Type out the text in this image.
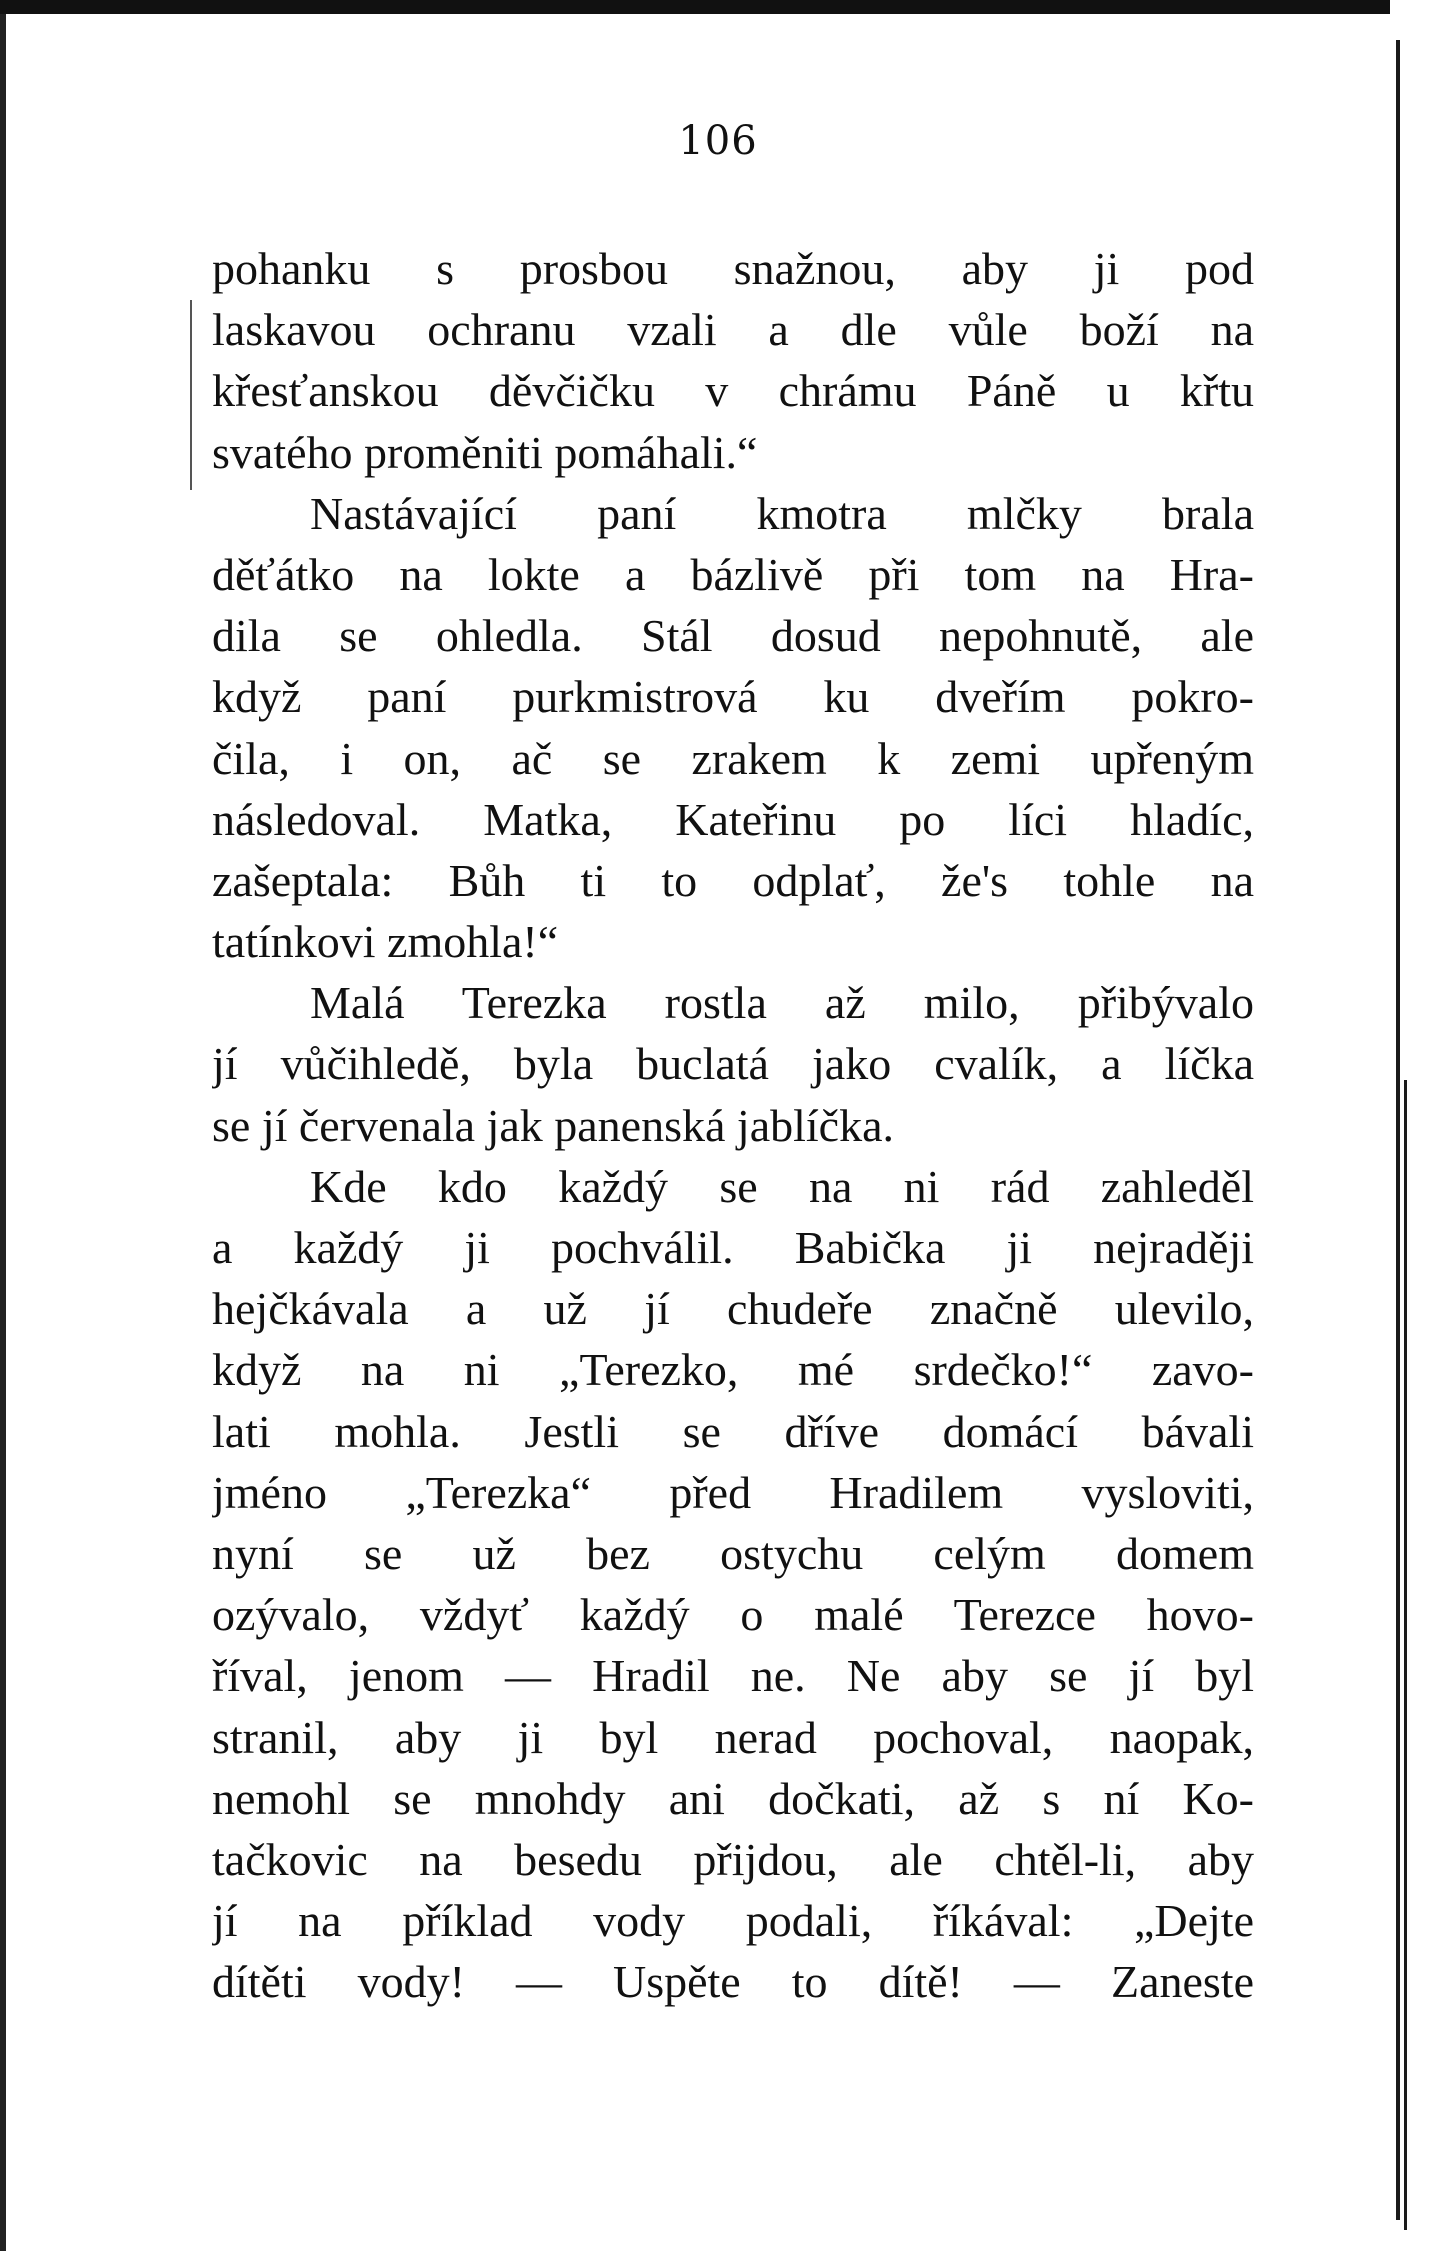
106
pohanku s prosbou snažnou, aby ji pod
laskavou ochranu vzali a dle vůle boží na
křesťanskou děvčičku v chrámu Páně u křtu
svatého proměniti pomáhali.“
Nastávající paní kmotra mlčky brala
děťátko na lokte a bázlivě při tom na Hra-
dila se ohledla. Stál dosud nepohnutě, ale
když paní purkmistrová ku dveřím pokro-
čila, i on, ač se zrakem k zemi upřeným
následoval. Matka, Kateřinu po líci hladíc,
zašeptala: Bůh ti to odplať, že's tohle na
tatínkovi zmohla!“
Malá Terezka rostla až milo, přibývalo
jí vůčihledě, byla buclatá jako cvalík, a líčka
se jí červenala jak panenská jablíčka.
Kde kdo každý se na ni rád zahleděl
a každý ji pochválil. Babička ji nejraději
hejčkávala a už jí chudeře značně ulevilo,
když na ni „Terezko, mé srdečko!“ zavo-
lati mohla. Jestli se dříve domácí bávali
jméno „Terezka“ před Hradilem vysloviti,
nyní se už bez ostychu celým domem
ozývalo, vždyť každý o malé Terezce hovo-
říval, jenom — Hradil ne. Ne aby se jí byl
stranil, aby ji byl nerad pochoval, naopak,
nemohl se mnohdy ani dočkati, až s ní Ko-
tačkovic na besedu přijdou, ale chtěl-li, aby
jí na příklad vody podali, říkával: „Dejte
dítěti vody! — Uspěte to dítě! — Zaneste
